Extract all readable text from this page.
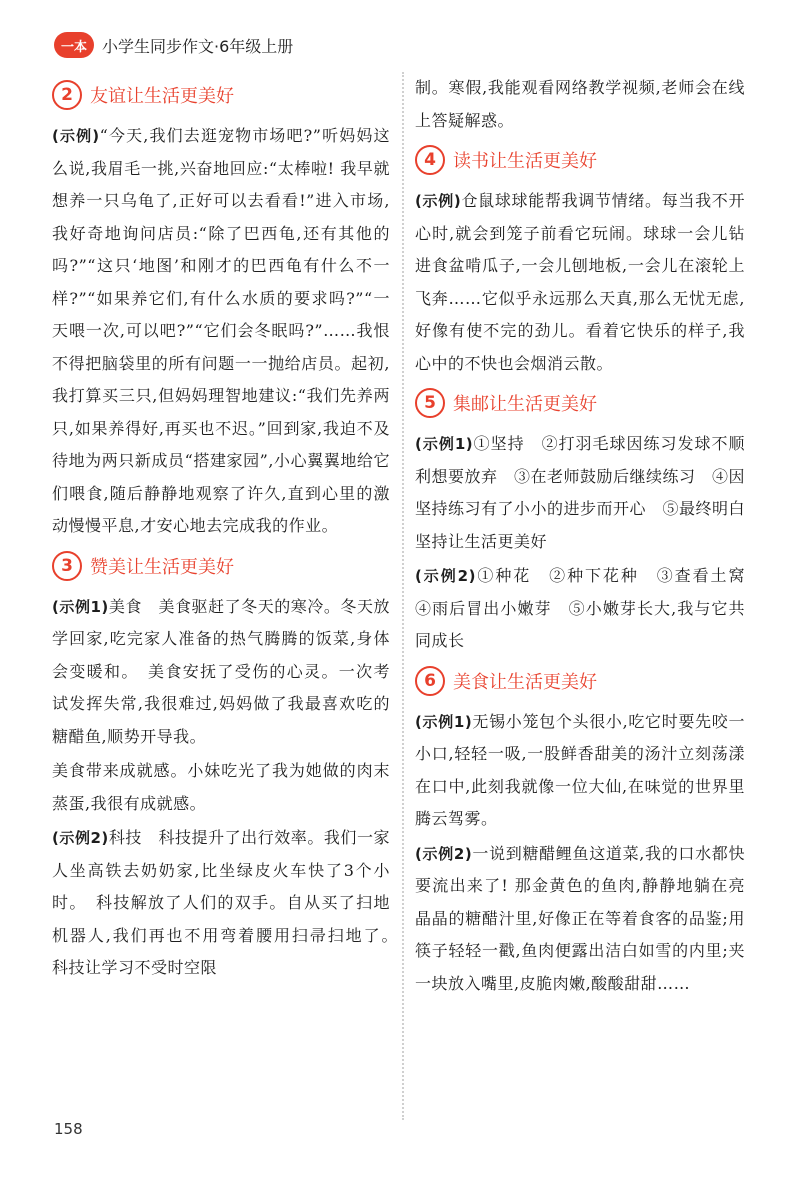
一本 小学生同步作文·6年级上册
2 友谊让生活更美好

(示例)“今天,我们去逛宠物市场吧?”听妈妈这么说,我眉毛一挑,兴奋地回应:“太棒啦! 我早就想养一只乌龟了,正好可以去看看!”进入市场,我好奇地询问店员:“除了巴西龟,还有其他的吗?”“这只‘地图’和刚才的巴西龟有什么不一样?”“如果养它们,有什么水质的要求吗?”“一天喂一次,可以吧?”“它们会冬眠吗?”……我恨不得把脑袋里的所有问题一一抛给店员。起初,我打算买三只,但妈妈理智地建议:“我们先养两只,如果养得好,再买也不迟。”回到家,我迫不及待地为两只新成员“搭建家园”,小心翼翼地给它们喂食,随后静静地观察了许久,直到心里的激动慢慢平息,才安心地去完成我的作业。

3 赞美让生活更美好

(示例1)美食　美食驱赶了冬天的寒冷。冬天放学回家,吃完家人准备的热气腾腾的饭菜,身体会变暖和。　美食安抚了受伤的心灵。一次考试发挥失常,我很难过,妈妈做了我最喜欢吃的糖醋鱼,顺势开导我。

美食带来成就感。小妹吃光了我为她做的肉末蒸蛋,我很有成就感。

(示例2)科技　科技提升了出行效率。我们一家人坐高铁去奶奶家,比坐绿皮火车快了3个小时。　科技解放了人们的双手。自从买了扫地机器人,我们再也不用弯着腰用扫帚扫地了。　科技让学习不受时空限

制。寒假,我能观看网络教学视频,老师会在线上答疑解惑。

4 读书让生活更美好

(示例)仓鼠球球能帮我调节情绪。每当我不开心时,就会到笼子前看它玩闹。球球一会儿钻进食盆啃瓜子,一会儿刨地板,一会儿在滚轮上飞奔……它似乎永远那么天真,那么无忧无虑,好像有使不完的劲儿。看着它快乐的样子,我心中的不快也会烟消云散。

5 集邮让生活更美好

(示例1)①坚持　②打羽毛球因练习发球不顺利想要放弃　③在老师鼓励后继续练习　④因坚持练习有了小小的进步而开心　⑤最终明白坚持让生活更美好

(示例2)①种花　②种下花种　③查看土窝　④雨后冒出小嫩芽　⑤小嫩芽长大,我与它共同成长

6 美食让生活更美好

(示例1)无锡小笼包个头很小,吃它时要先咬一小口,轻轻一吸,一股鲜香甜美的汤汁立刻荡漾在口中,此刻我就像一位大仙,在味觉的世界里腾云驾雾。

(示例2)一说到糖醋鲤鱼这道菜,我的口水都快要流出来了! 那金黄色的鱼肉,静静地躺在亮晶晶的糖醋汁里,好像正在等着食客的品鉴;用筷子轻轻一戳,鱼肉便露出洁白如雪的内里;夹一块放入嘴里,皮脆肉嫩,酸酸甜甜……

158
